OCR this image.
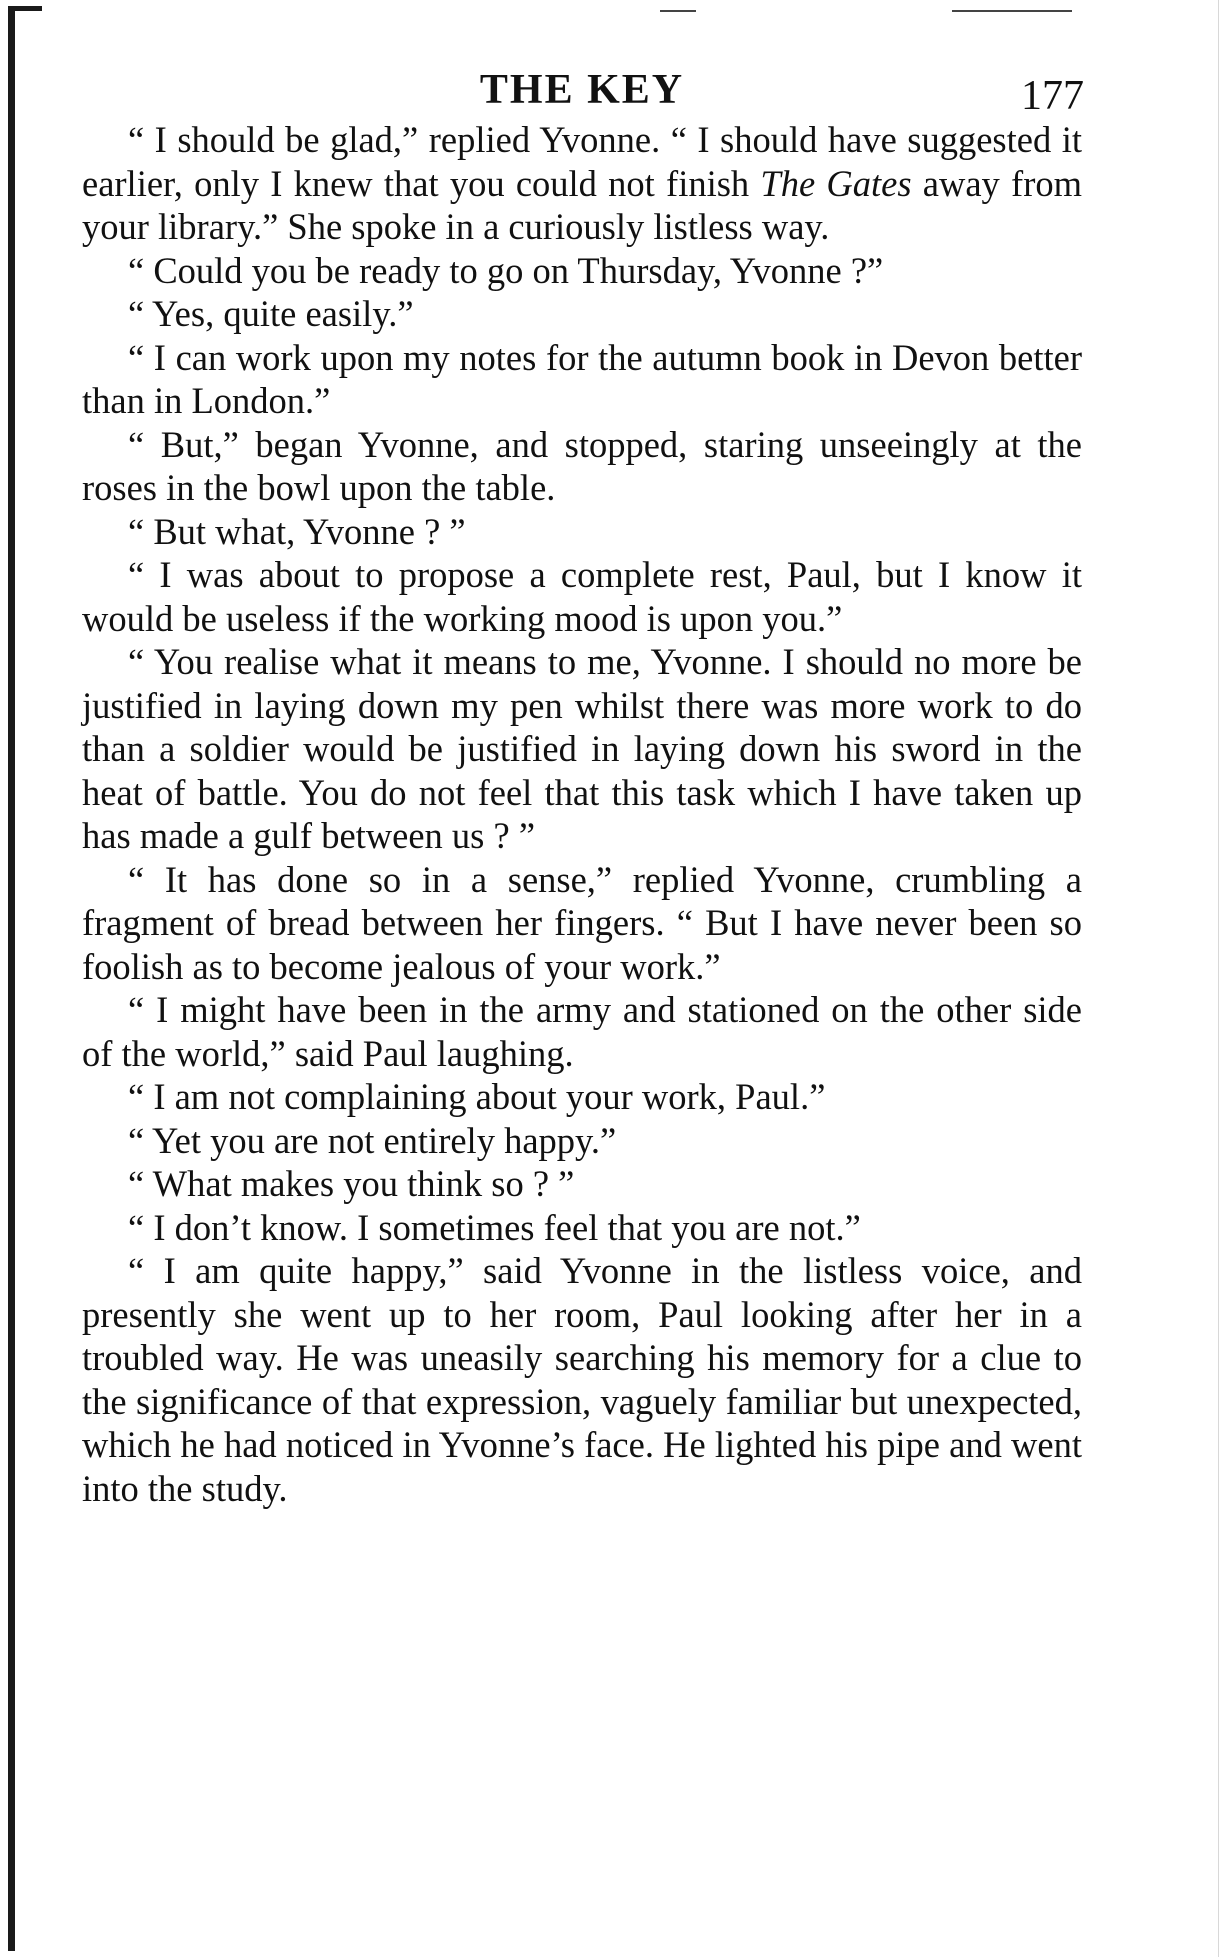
THE KEY	177

“ I should be glad,” replied Yvonne. “ I should have suggested it earlier, only I knew that you could not finish The Gates away from your library.” She spoke in a curiously listless way.

“ Could you be ready to go on Thursday, Yvonne ?”

“ Yes, quite easily.”

“ I can work upon my notes for the autumn book in Devon better than in London.”

“ But,” began Yvonne, and stopped, staring unseeingly at the roses in the bowl upon the table.

“ But what, Yvonne ? ”

“ I was about to propose a complete rest, Paul, but I know it would be useless if the working mood is upon you.”

“ You realise what it means to me, Yvonne. I should no more be justified in laying down my pen whilst there was more work to do than a soldier would be justified in laying down his sword in the heat of battle. You do not feel that this task which I have taken up has made a gulf between us ? ”

“ It has done so in a sense,” replied Yvonne, crumbling a fragment of bread between her fingers. “ But I have never been so foolish as to become jealous of your work.”

“ I might have been in the army and stationed on the other side of the world,” said Paul laughing.

“ I am not complaining about your work, Paul.”

“ Yet you are not entirely happy.”

“ What makes you think so ? ”

“ I don’t know. I sometimes feel that you are not.”

“ I am quite happy,” said Yvonne in the listless voice, and presently she went up to her room, Paul looking after her in a troubled way. He was uneasily searching his memory for a clue to the significance of that expression, vaguely familiar but unexpected, which he had noticed in Yvonne’s face. He lighted his pipe and went into the study.
